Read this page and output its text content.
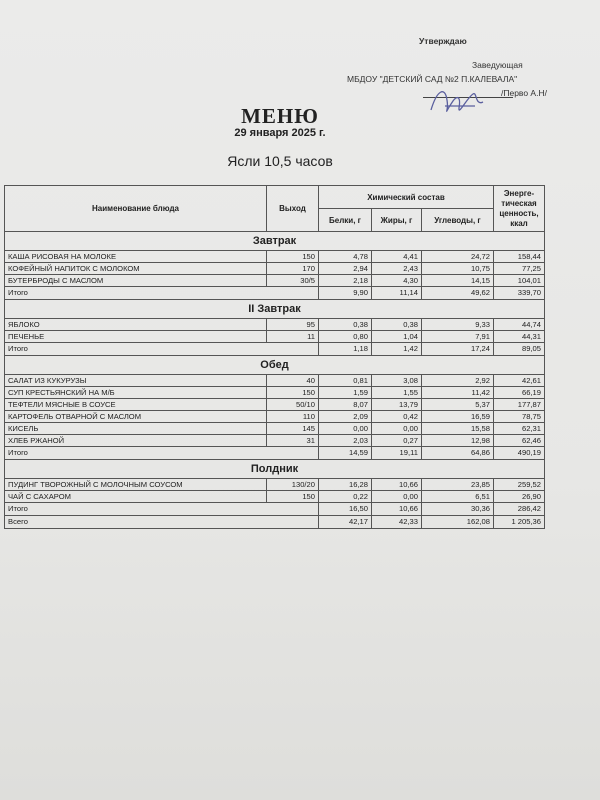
Утверждаю
Заведующая
МБДОУ "ДЕТСКИЙ САД №2 П.КАЛЕВАЛА"
/Перво А.Н/
МЕНЮ
29 января 2025 г.
Ясли 10,5 часов
Наименование блюда	Выход	Химический состав			Энерге-тическая ценность, ккал
		Белки, г	Жиры, г	Углеводы, г	
Завтрак					
КАША РИСОВАЯ НА МОЛОКЕ	150	4,78	4,41	24,72	158,44
КОФЕЙНЫЙ НАПИТОК С МОЛОКОМ	170	2,94	2,43	10,75	77,25
БУТЕРБРОДЫ С МАСЛОМ	30/5	2,18	4,30	14,15	104,01
Итого		9,90	11,14	49,62	339,70
II Завтрак					
ЯБЛОКО	95	0,38	0,38	9,33	44,74
ПЕЧЕНЬЕ	11	0,80	1,04	7,91	44,31
Итого		1,18	1,42	17,24	89,05
Обед					
САЛАТ ИЗ КУКУРУЗЫ	40	0,81	3,08	2,92	42,61
СУП КРЕСТЬЯНСКИЙ НА М/Б	150	1,59	1,55	11,42	66,19
ТЕФТЕЛИ МЯСНЫЕ В СОУСЕ	50/10	8,07	13,79	5,37	177,87
КАРТОФЕЛЬ ОТВАРНОЙ С МАСЛОМ	110	2,09	0,42	16,59	78,75
КИСЕЛЬ	145	0,00	0,00	15,58	62,31
ХЛЕБ РЖАНОЙ	31	2,03	0,27	12,98	62,46
Итого		14,59	19,11	64,86	490,19
Полдник					
ПУДИНГ ТВОРОЖНЫЙ С МОЛОЧНЫМ СОУСОМ	130/20	16,28	10,66	23,85	259,52
ЧАЙ С САХАРОМ	150	0,22	0,00	6,51	26,90
Итого		16,50	10,66	30,36	286,42
Всего		42,17	42,33	162,08	1 205,36
